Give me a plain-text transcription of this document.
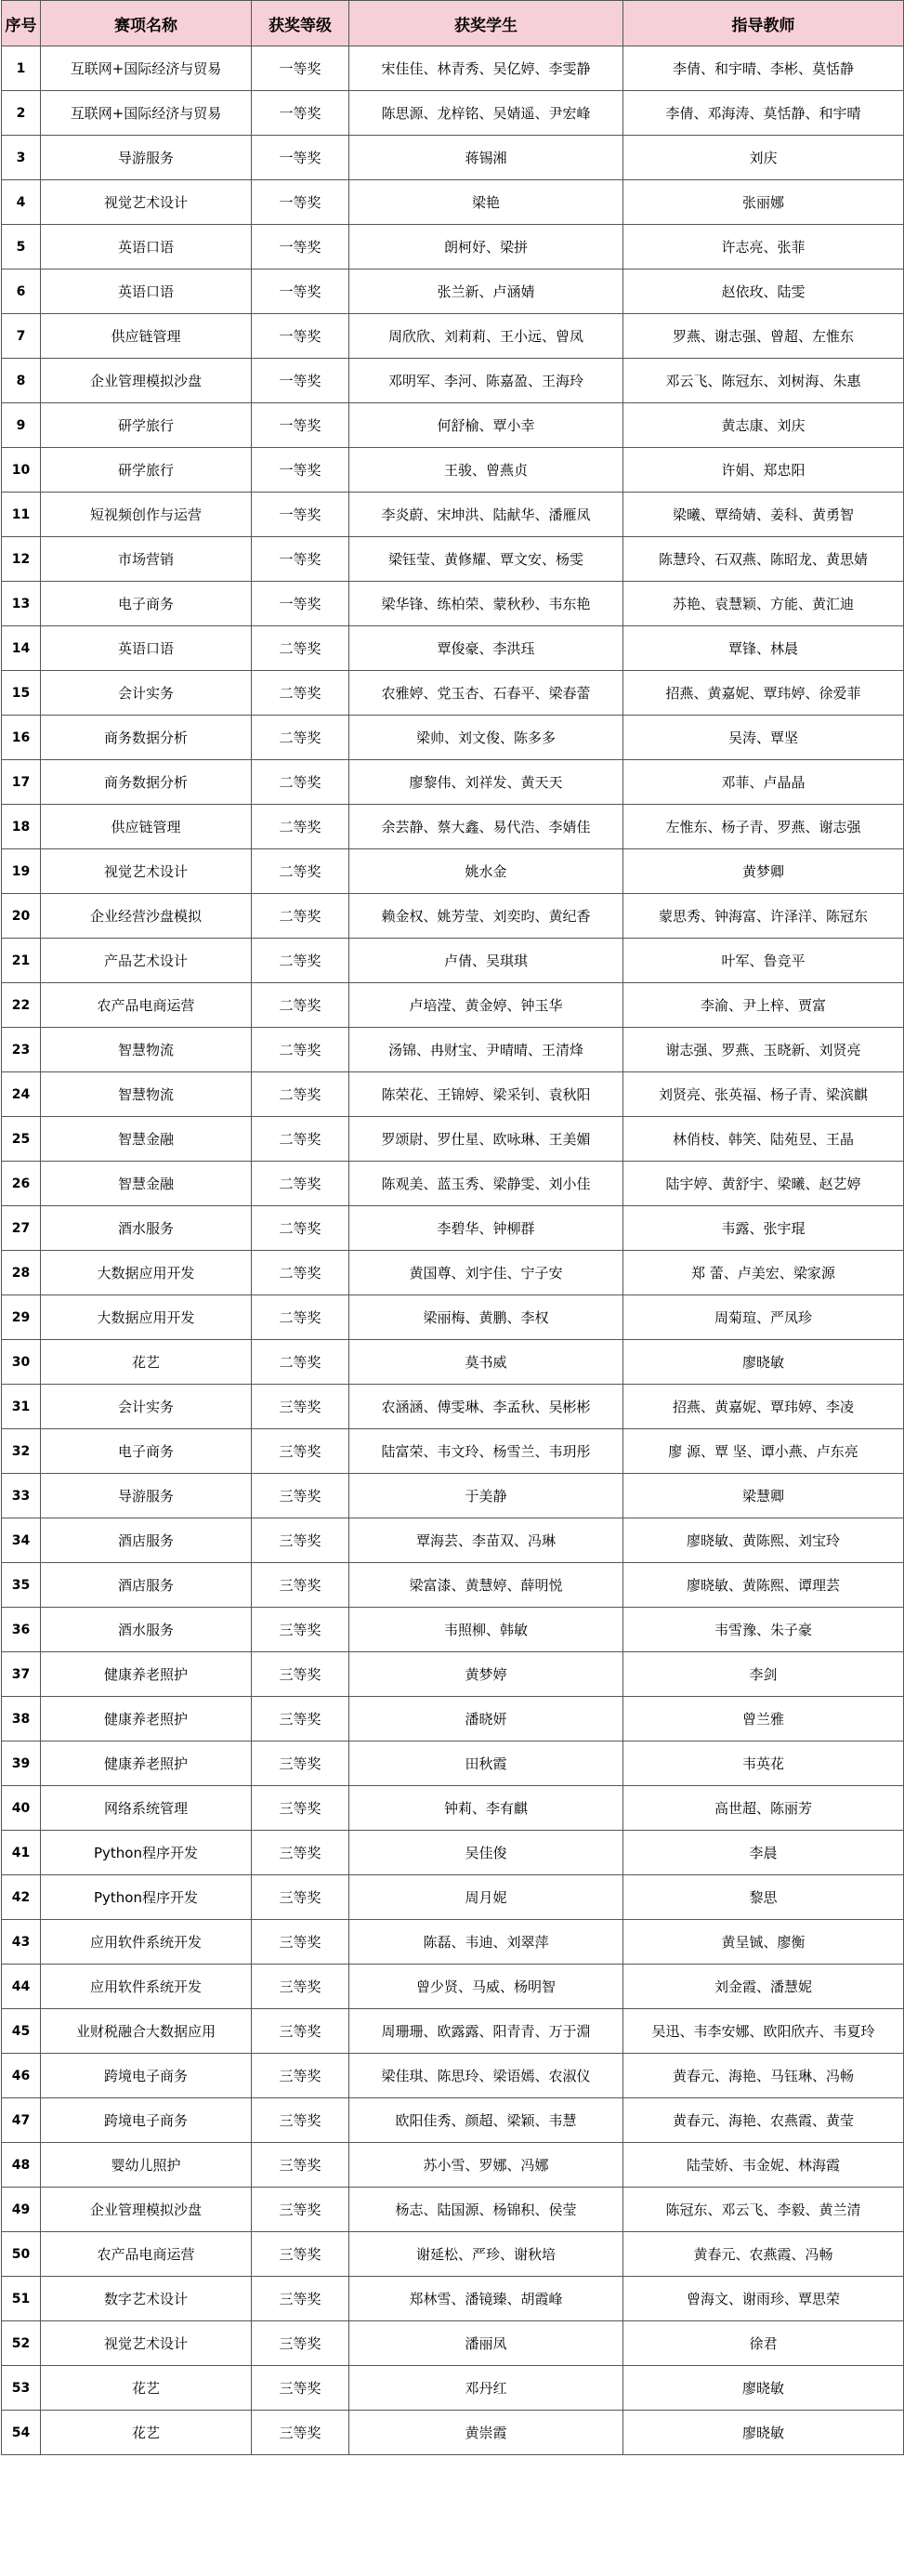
序号	赛项名称	获奖等级	获奖学生	指导教师
1	互联网+国际经济与贸易	一等奖	宋佳佳、林青秀、吴亿婷、李雯静	李倩、和宇晴、李彬、莫恬静
2	互联网+国际经济与贸易	一等奖	陈思源、龙梓铭、吴婧遥、尹宏峰	李倩、邓海涛、莫恬静、和宇晴
3	导游服务	一等奖	蒋锡湘	刘庆
4	视觉艺术设计	一等奖	梁艳	张丽娜
5	英语口语	一等奖	朗柯妤、梁拼	许志亮、张菲
6	英语口语	一等奖	张兰新、卢涵婧	赵依玫、陆雯
7	供应链管理	一等奖	周欣欣、刘莉莉、王小远、曾凤	罗燕、谢志强、曾超、左惟东
8	企业管理模拟沙盘	一等奖	邓明军、李河、陈嘉盈、王海玲	邓云飞、陈冠东、刘树海、朱惠
9	研学旅行	一等奖	何舒榆、覃小幸	黄志康、刘庆
10	研学旅行	一等奖	王骏、曾燕贞	许娟、郑忠阳
11	短视频创作与运营	一等奖	李炎蔚、宋坤洪、陆献华、潘雁凤	梁曦、覃绮婧、姜科、黄勇智
12	市场营销	一等奖	梁钰莹、黄修耀、覃文安、杨雯	陈慧玲、石双燕、陈昭龙、黄思婧
13	电子商务	一等奖	梁华锋、练柏荣、蒙秋秒、韦东艳	苏艳、袁慧颖、方能、黄汇迪
14	英语口语	二等奖	覃俊豪、李洪珏	覃锋、林晨
15	会计实务	二等奖	农雅婷、党玉杏、石春平、梁春蕾	招燕、黄嘉妮、覃玮婷、徐爱菲
16	商务数据分析	二等奖	梁帅、刘文俊、陈多多	吴涛、覃坚
17	商务数据分析	二等奖	廖黎伟、刘祥发、黄天天	邓菲、卢晶晶
18	供应链管理	二等奖	余芸静、蔡大鑫、易代浩、李婧佳	左惟东、杨子青、罗燕、谢志强
19	视觉艺术设计	二等奖	姚水金	黄梦卿
20	企业经营沙盘模拟	二等奖	赖金权、姚芳莹、刘奕昀、黄纪香	蒙思秀、钟海富、许泽洋、陈冠东
21	产品艺术设计	二等奖	卢倩、吴琪琪	叶军、鲁竞平
22	农产品电商运营	二等奖	卢培滢、黄金婷、钟玉华	李渝、尹上梓、贾富
23	智慧物流	二等奖	汤锦、冉财宝、尹晴晴、王清烽	谢志强、罗燕、玉晓新、刘贤亮
24	智慧物流	二等奖	陈荣花、王锦婷、梁采钊、袁秋阳	刘贤亮、张英福、杨子青、梁滨麒
25	智慧金融	二等奖	罗颂尉、罗仕星、欧咏琳、王美媚	林俏枝、韩笑、陆苑昱、王晶
26	智慧金融	二等奖	陈观美、蓝玉秀、梁静雯、刘小佳	陆宇婷、黄舒宇、梁曦、赵艺婷
27	酒水服务	二等奖	李碧华、钟柳群	韦露、张宇琨
28	大数据应用开发	二等奖	黄国尊、刘宇佳、宁子安	郑 蕾、卢美宏、梁家源
29	大数据应用开发	二等奖	梁丽梅、黄鹏、李权	周菊瑄、严凤珍
30	花艺	二等奖	莫书威	廖晓敏
31	会计实务	三等奖	农涵涵、傅雯琳、李孟秋、吴彬彬	招燕、黄嘉妮、覃玮婷、李凌
32	电子商务	三等奖	陆富荣、韦文玲、杨雪兰、韦玥彤	廖 源、覃 坚、谭小燕、卢东亮
33	导游服务	三等奖	于美静	梁慧卿
34	酒店服务	三等奖	覃海芸、李苗双、冯琳	廖晓敏、黄陈熙、刘宝玲
35	酒店服务	三等奖	梁富漆、黄慧婷、薛明悦	廖晓敏、黄陈熙、谭理芸
36	酒水服务	三等奖	韦照柳、韩敏	韦雪豫、朱子豪
37	健康养老照护	三等奖	黄梦婷	李剑
38	健康养老照护	三等奖	潘晓妍	曾兰雅
39	健康养老照护	三等奖	田秋霞	韦英花
40	网络系统管理	三等奖	钟莉、李有麒	高世超、陈丽芳
41	Python程序开发	三等奖	吴佳俊	李晨
42	Python程序开发	三等奖	周月妮	黎思
43	应用软件系统开发	三等奖	陈磊、韦迪、刘翠萍	黄呈铖、廖衡
44	应用软件系统开发	三等奖	曾少贤、马威、杨明智	刘金霞、潘慧妮
45	业财税融合大数据应用	三等奖	周珊珊、欧露露、阳青青、万于淵	吴迅、韦李安娜、欧阳欣卉、韦夏玲
46	跨境电子商务	三等奖	梁佳琪、陈思玲、梁语嫣、农淑仪	黄春元、海艳、马钰琳、冯畅
47	跨境电子商务	三等奖	欧阳佳秀、颜超、梁颖、韦慧	黄春元、海艳、农燕霞、黄莹
48	婴幼儿照护	三等奖	苏小雪、罗娜、冯娜	陆莹娇、韦金妮、林海霞
49	企业管理模拟沙盘	三等奖	杨志、陆国源、杨锦积、侯莹	陈冠东、邓云飞、李毅、黄兰清
50	农产品电商运营	三等奖	谢延松、严珍、谢秋培	黄春元、农燕霞、冯畅
51	数字艺术设计	三等奖	郑林雪、潘镜臻、胡霞峰	曾海文、谢雨珍、覃思荣
52	视觉艺术设计	三等奖	潘丽凤	徐君
53	花艺	三等奖	邓丹红	廖晓敏
54	花艺	三等奖	黄崇霞	廖晓敏
